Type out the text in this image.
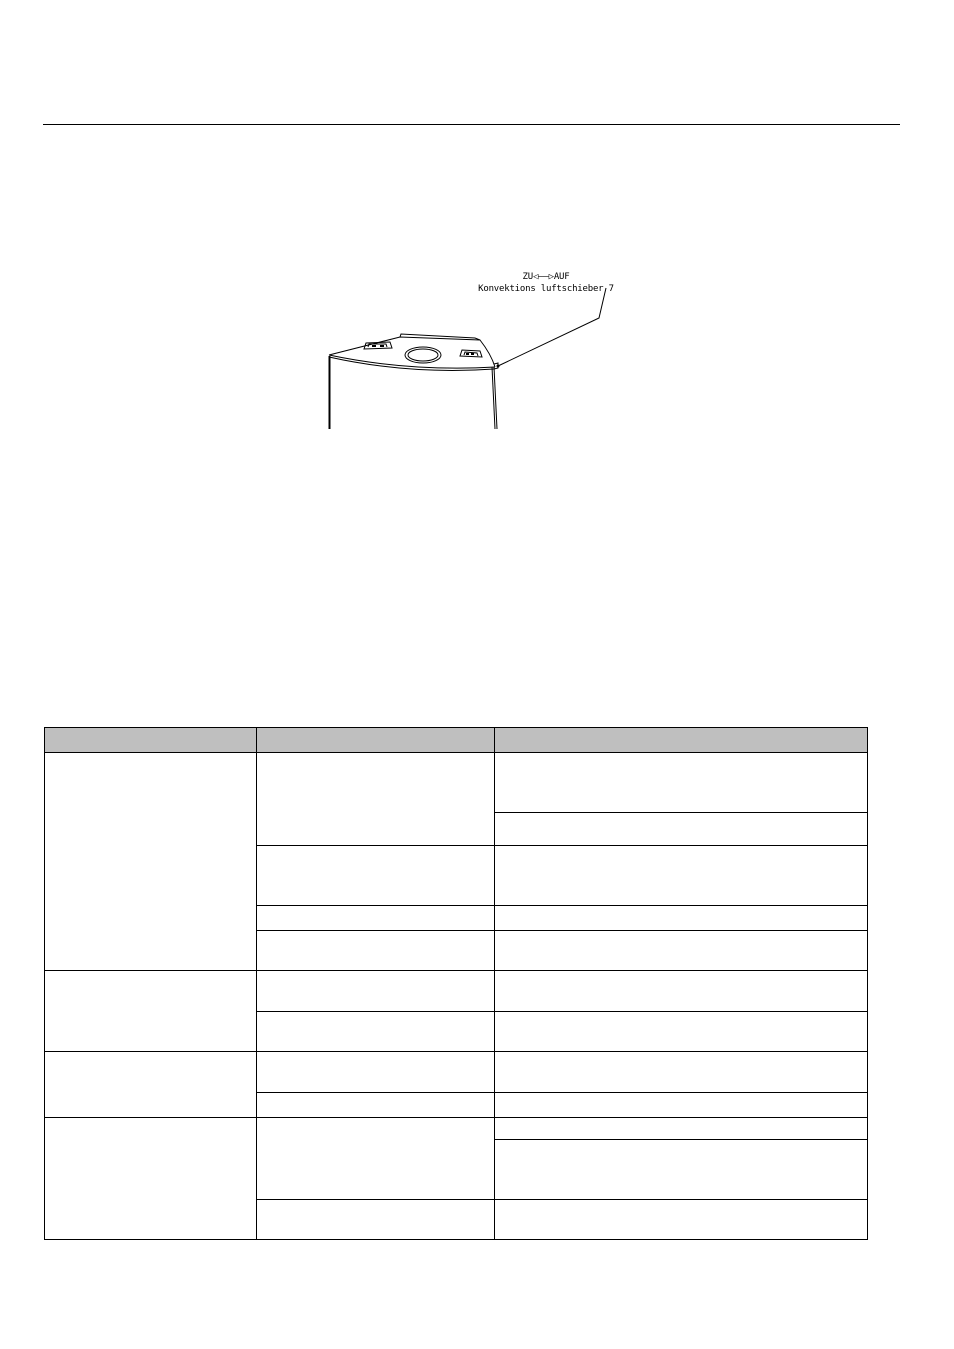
ZU◁——▷AUF
Konvektions luftschieber 7
